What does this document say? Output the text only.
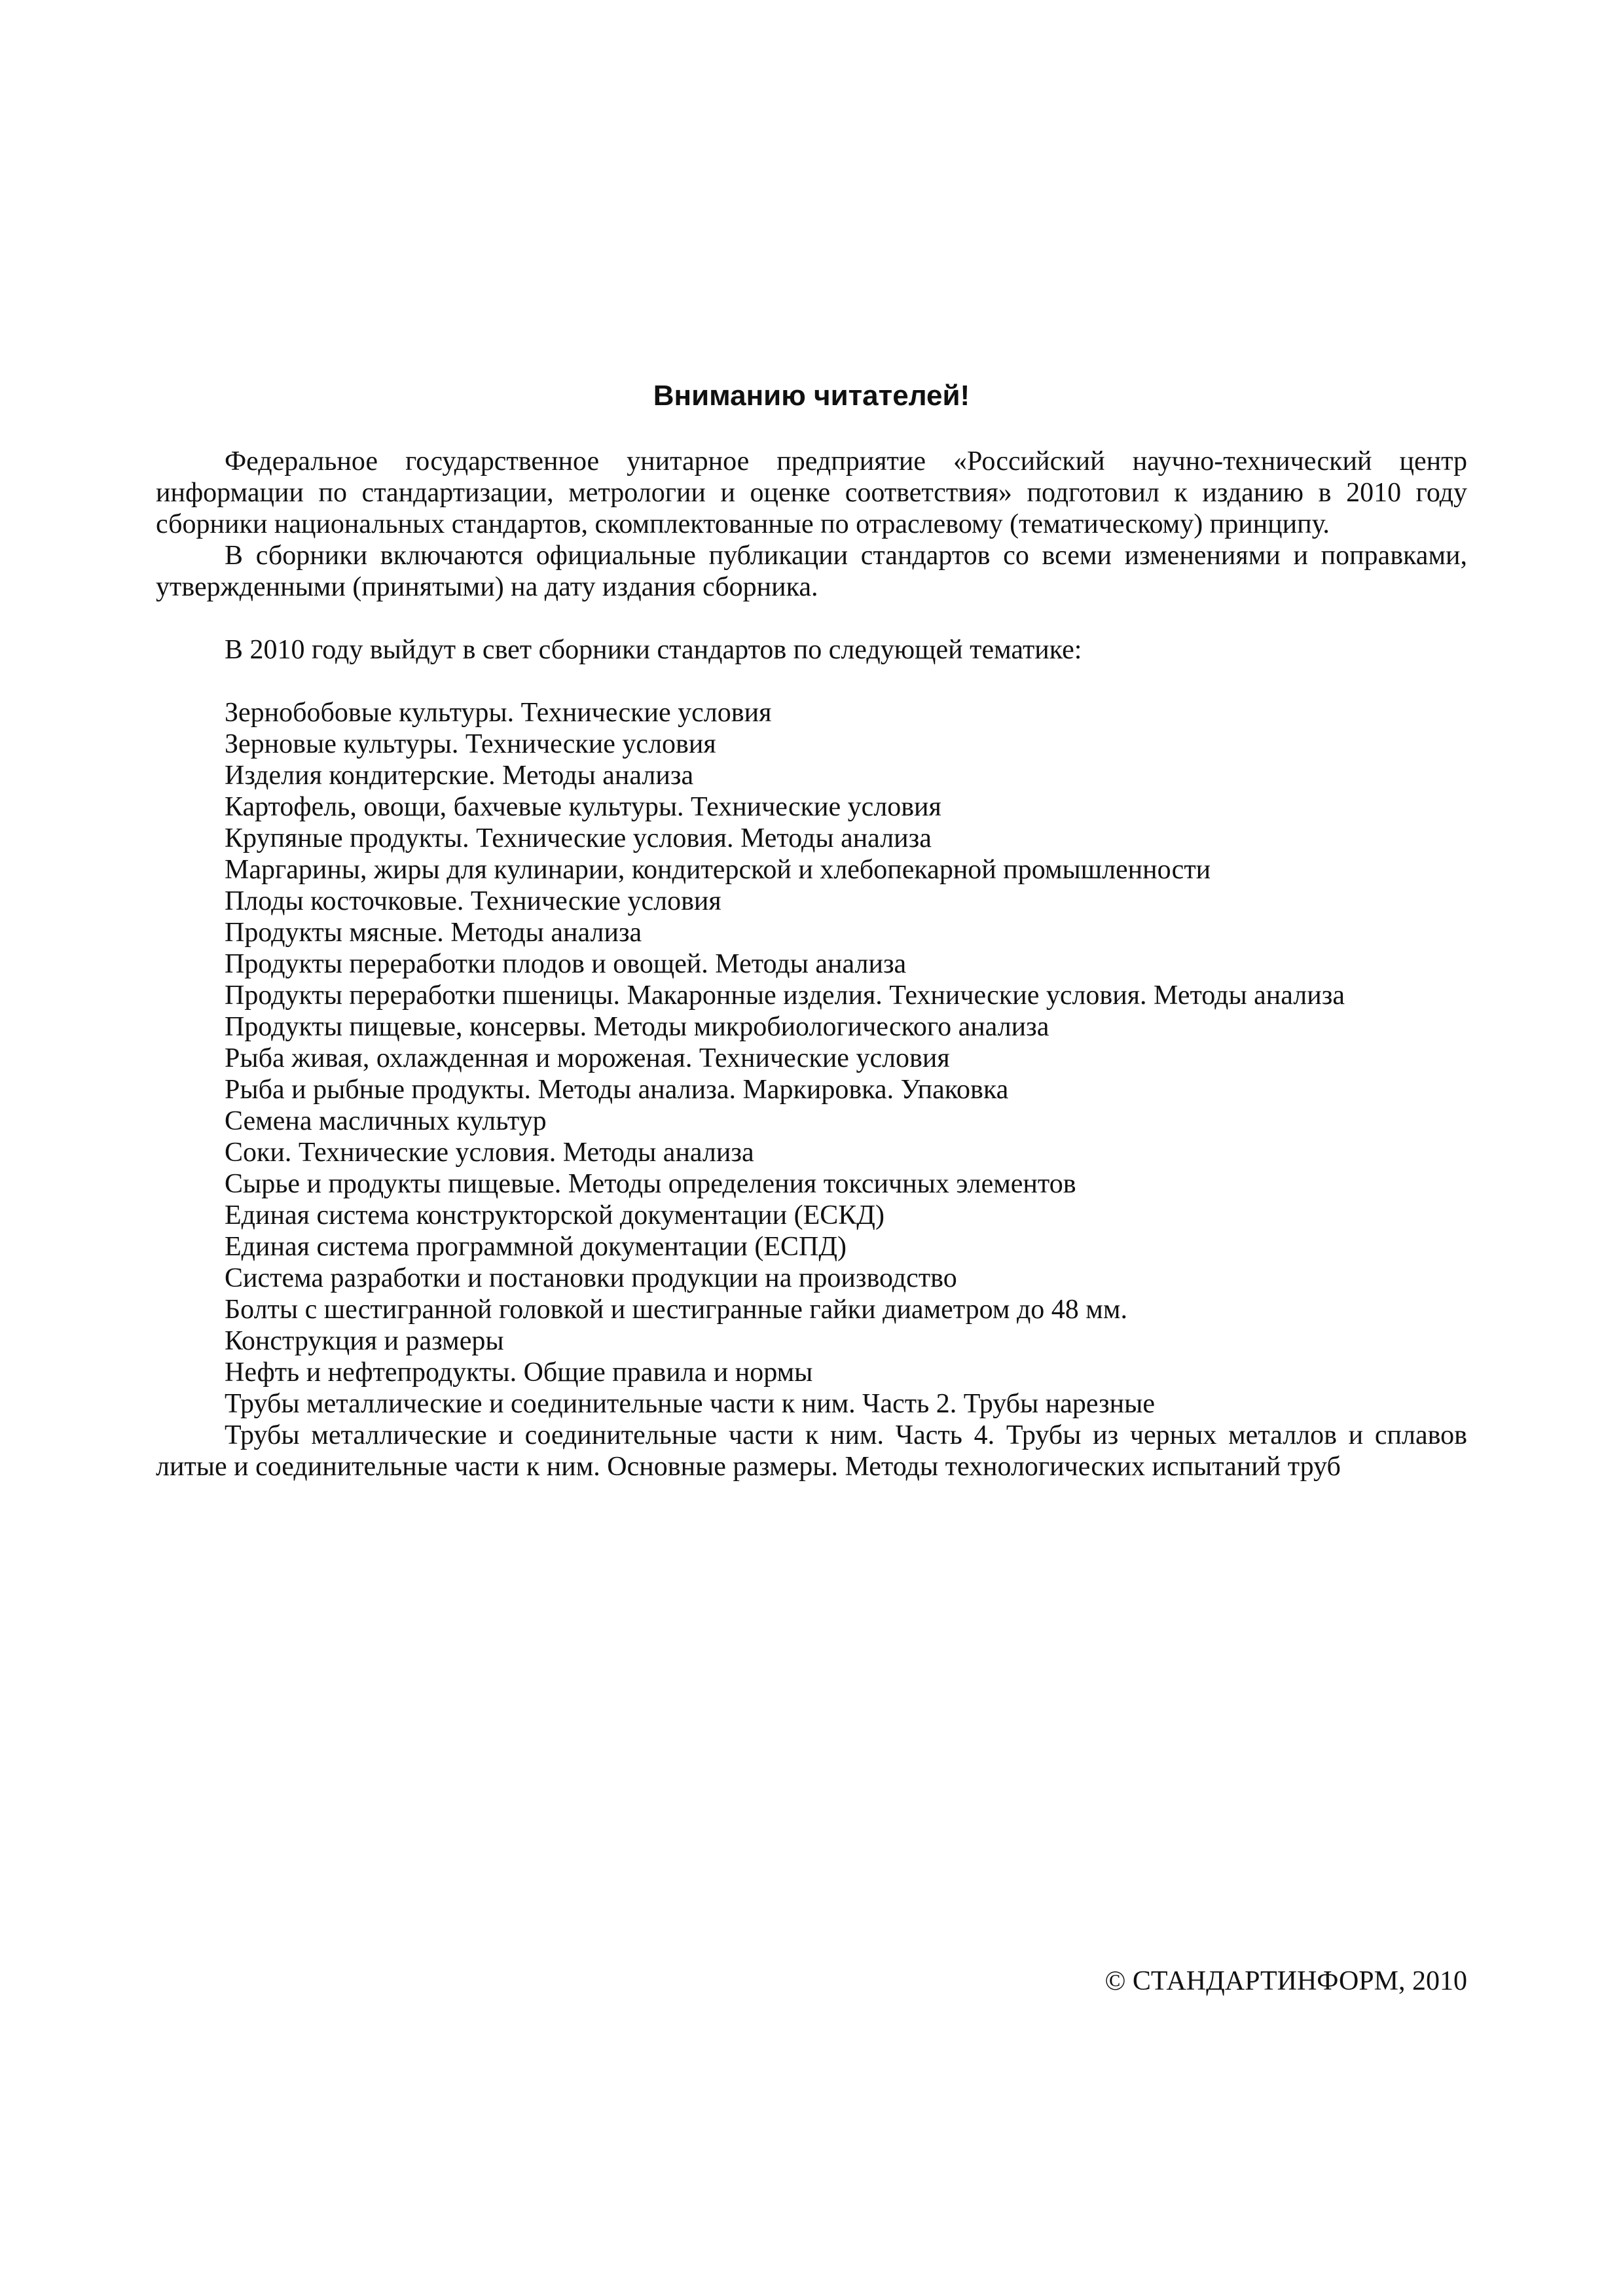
Вниманию читателей!

Федеральное государственное унитарное предприятие «Российский научно-технический центр информации по стандартизации, метрологии и оценке соответствия» подготовил к изданию в 2010 году сборники национальных стандартов, скомплектованные по отраслевому (тематическому) принципу.

В сборники включаются официальные публикации стандартов со всеми изменениями и поправками, утвержденными (принятыми) на дату издания сборника.

В 2010 году выйдут в свет сборники стандартов по следующей тематике:

Зернобобовые культуры. Технические условия
Зерновые культуры. Технические условия
Изделия кондитерские. Методы анализа
Картофель, овощи, бахчевые культуры. Технические условия
Крупяные продукты. Технические условия. Методы анализа
Маргарины, жиры для кулинарии, кондитерской и хлебопекарной промышленности
Плоды косточковые. Технические условия
Продукты мясные. Методы анализа
Продукты переработки плодов и овощей. Методы анализа
Продукты переработки пшеницы. Макаронные изделия. Технические условия. Методы анализа
Продукты пищевые, консервы. Методы микробиологического анализа
Рыба живая, охлажденная и мороженая. Технические условия
Рыба и рыбные продукты. Методы анализа. Маркировка. Упаковка
Семена масличных культур
Соки. Технические условия. Методы анализа
Сырье и продукты пищевые. Методы определения токсичных элементов
Единая система конструкторской документации (ЕСКД)
Единая система программной документации (ЕСПД)
Система разработки и постановки продукции на производство
Болты с шестигранной головкой и шестигранные гайки диаметром до 48 мм.
Конструкция и размеры
Нефть и нефтепродукты. Общие правила и нормы
Трубы металлические и соединительные части к ним. Часть 2. Трубы нарезные
Трубы металлические и соединительные части к ним. Часть 4. Трубы из черных металлов и сплавов литые и соединительные части к ним. Основные размеры. Методы технологических испытаний труб
© СТАНДАРТИНФОРМ, 2010
